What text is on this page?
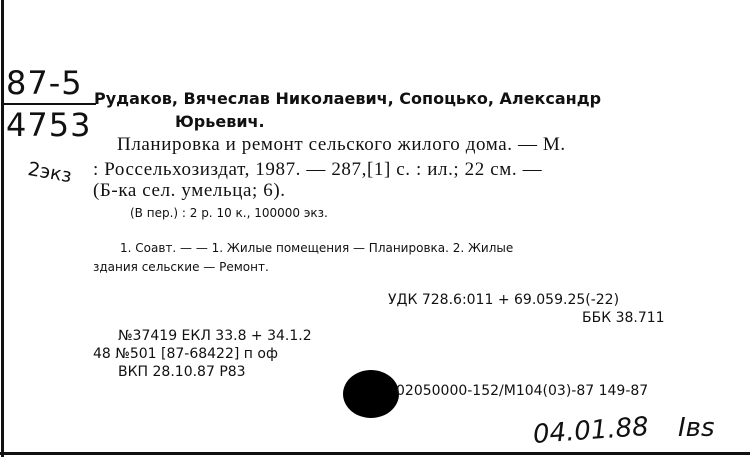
87-5
4753
2экз
Рудаков, Вячеслав Николаевич, Сопоцько, Александр
Юрьевич.
Планировка и ремонт сельского жилого дома. — М.
: Россельхозиздат, 1987. — 287,[1] с. : ил.; 22 см. —
(Б-ка сел. умельца; 6).
(В пер.) : 2 р. 10 к., 100000 экз.
1. Соавт. — — 1. Жилые помещения — Планировка. 2. Жилые
здания сельские — Ремонт.
УДК 728.6:011 + 69.059.25(-22)
ББК 38.711
№37419 ЕКЛ 33.8 + 34.1.2
48 №501 [87-68422] п оф
ВКП 28.10.87 Р83
02050000-152/М104(03)-87 149-87
04.01.88 Iвs
